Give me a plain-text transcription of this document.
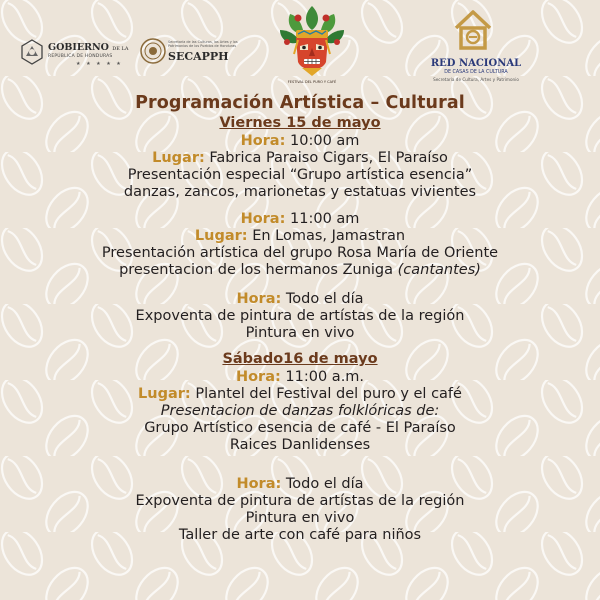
GOBIERNO DE LA
REPÚBLICA DE HONDURAS
★ ★ ★ ★ ★
Secretaría de las Culturas, las Artes y los Patrimonios de los Pueblos de Honduras
SECAPPH
FESTIVAL DEL PURO Y CAFÉ
RED NACIONAL
DE CASAS DE LA CULTURA
Secretaría de Cultura, Artes y Patrimonio

Programación Artística – Cultural

Viernes 15 de mayo

Hora: 10:00 am

Lugar: Fabrica Paraiso Cigars, El Paraíso

Presentación especial “Grupo artística esencia”

danzas, zancos, marionetas y estatuas vivientes

Hora: 11:00 am

Lugar: En Lomas, Jamastran

Presentación artística del grupo Rosa María de Oriente

presentacion de los hermanos Zuniga (cantantes)

Hora: Todo el día

Expoventa de pintura de artístas de la región

Pintura en vivo

Sábado16 de mayo

Hora: 11:00 a.m.

Lugar: Plantel del Festival del puro y el café

Presentacion de danzas folklóricas de:

Grupo Artístico esencia de café - El Paraíso

Raices Danlidenses

Hora: Todo el día

Expoventa de pintura de artístas de la región

Pintura en vivo

Taller de arte con café para niños
